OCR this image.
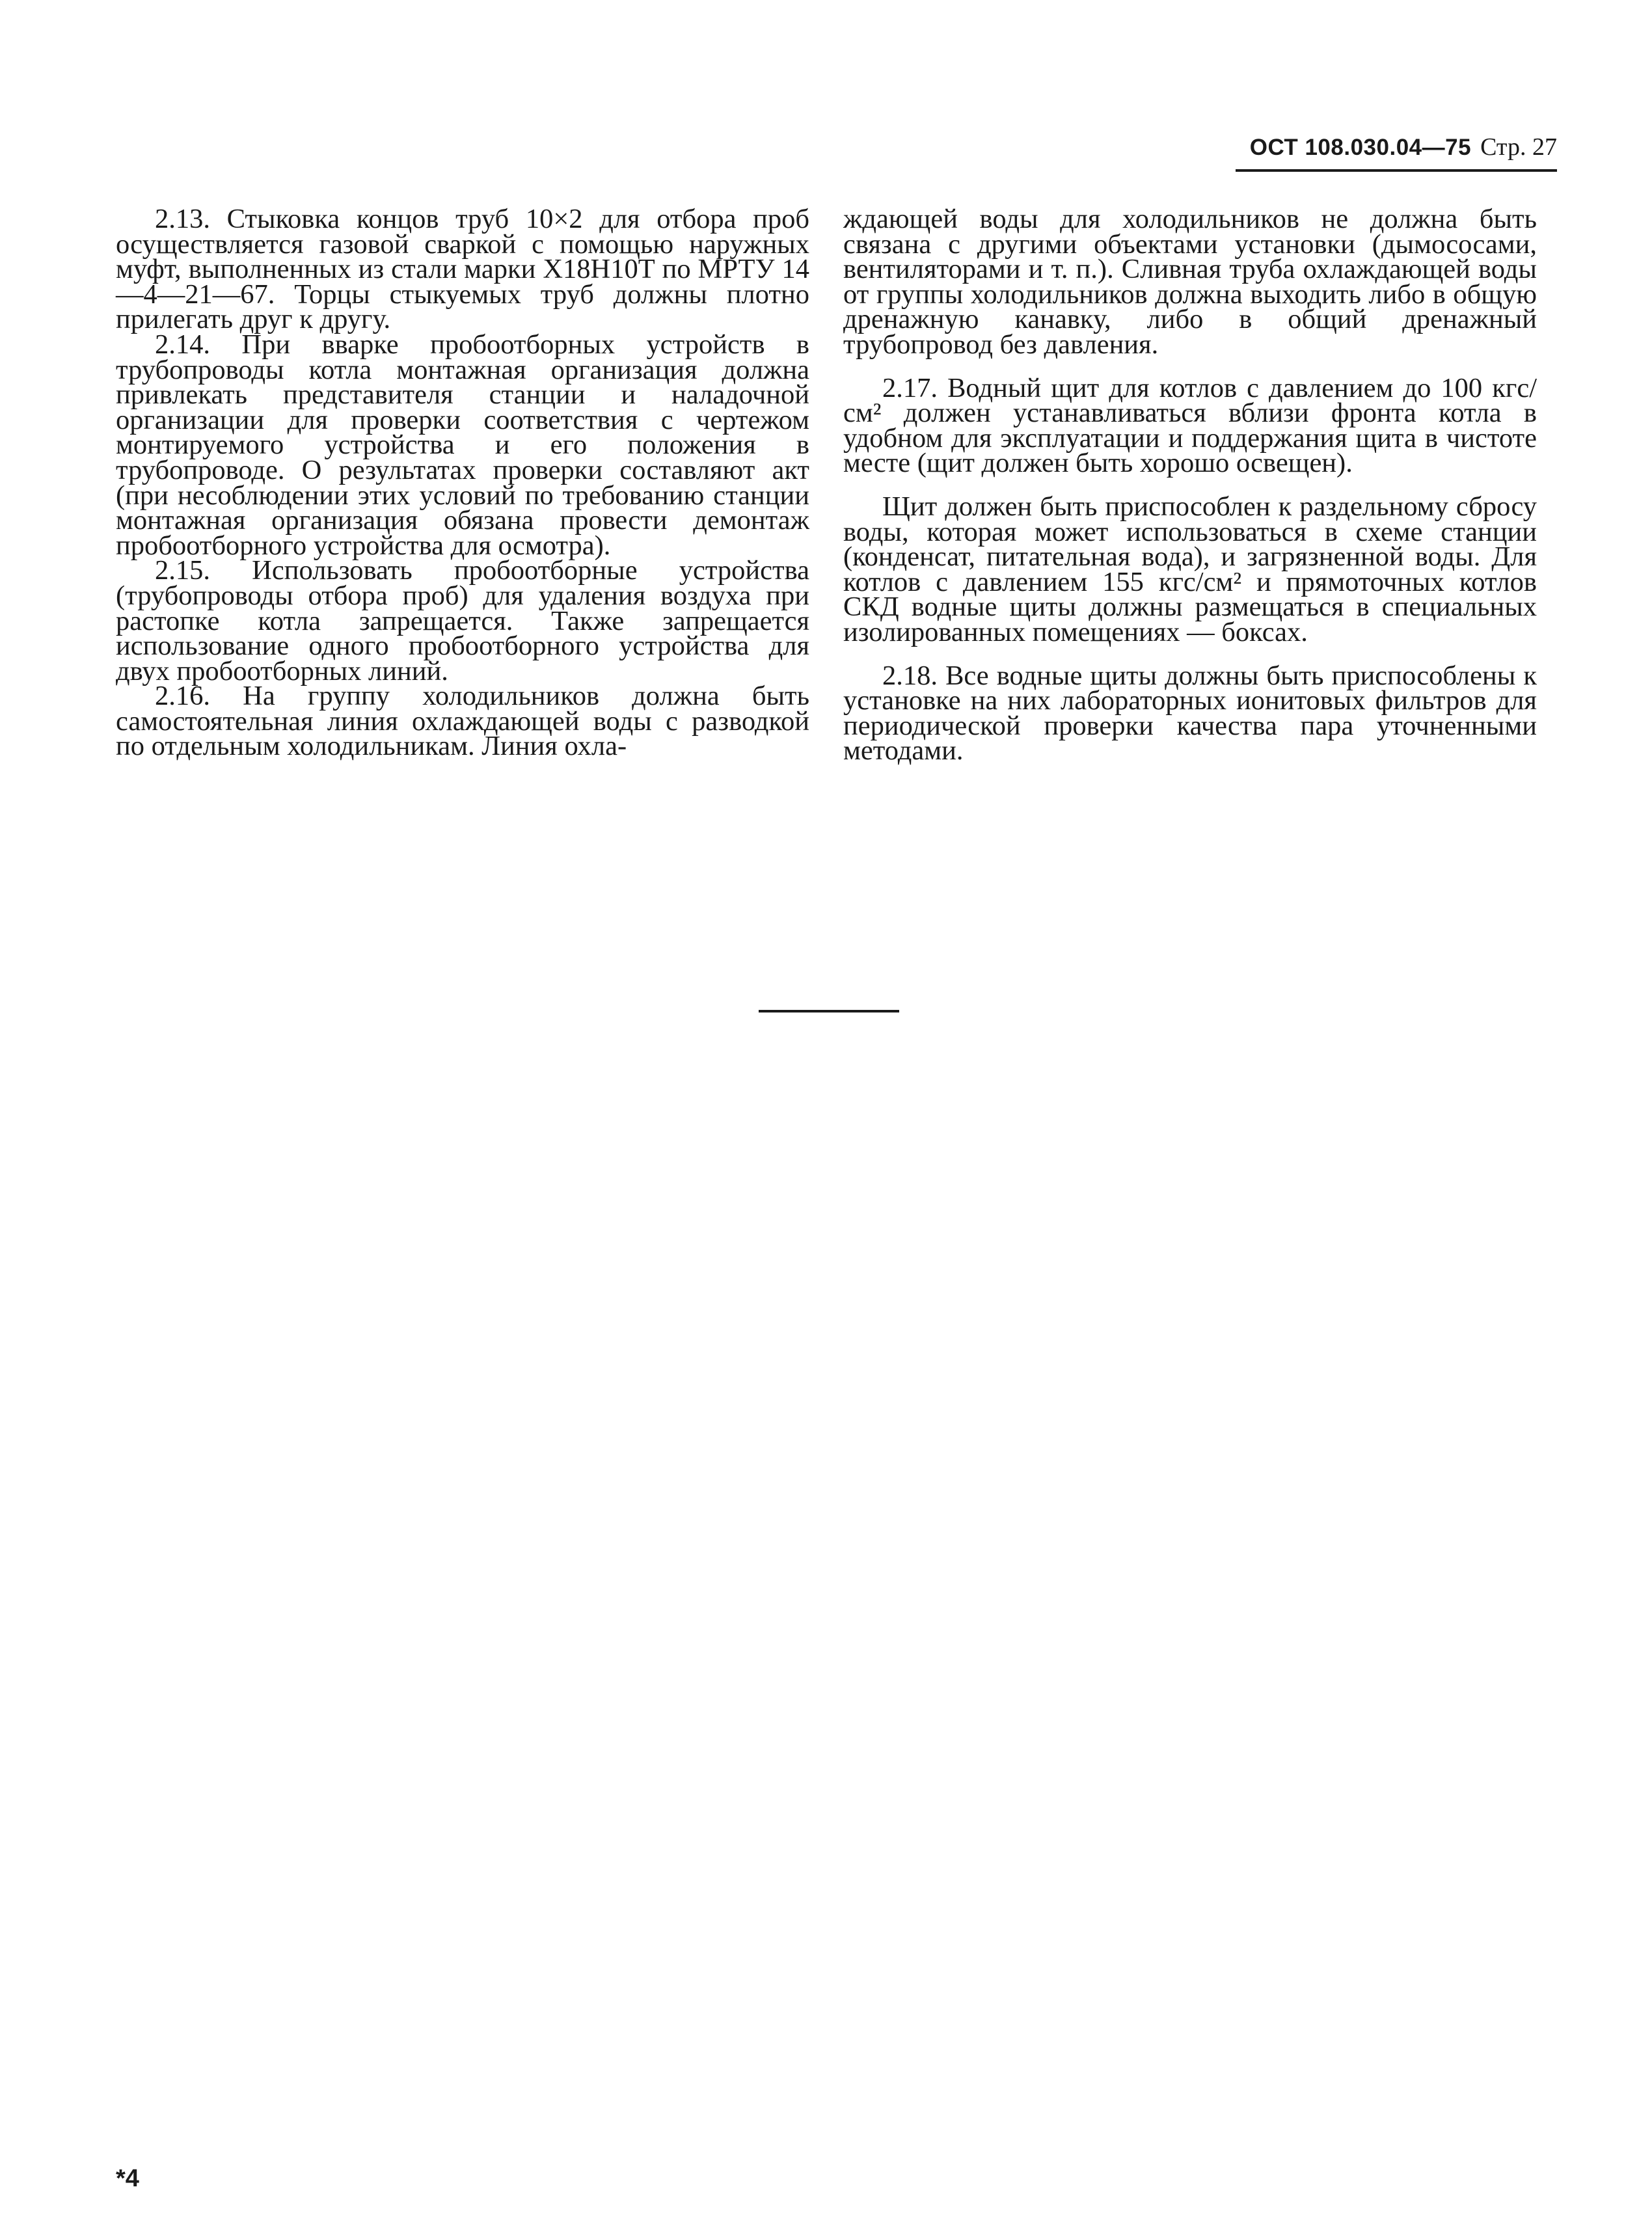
ОСТ 108.030.04—75 Стр. 27

2.13. Стыковка концов труб 10×2 для отбора проб осуществляется газовой сваркой с помощью наружных муфт, выполненных из стали марки Х18Н10Т по МРТУ 14—4—21—67. Торцы стыкуемых труб должны плотно прилегать друг к другу.

2.14. При вварке пробоотборных устройств в трубопроводы котла монтажная организация должна привлекать представителя станции и наладочной организации для проверки соответствия с чертежом монтируемого устройства и его положения в трубопроводе. О результатах проверки составляют акт (при несоблюдении этих условий по требованию станции монтажная организация обязана провести демонтаж пробоотборного устройства для осмотра).

2.15. Использовать пробоотборные устройства (трубопроводы отбора проб) для удаления воздуха при растопке котла запрещается. Также запрещается использование одного пробоотборного устройства для двух пробоотборных линий.

2.16. На группу холодильников должна быть самостоятельная линия охлаждающей воды с разводкой по отдельным холодильникам. Линия охла-

ждающей воды для холодильников не должна быть связана с другими объектами установки (дымососами, вентиляторами и т. п.). Сливная труба охлаждающей воды от группы холодильников должна выходить либо в общую дренажную канавку, либо в общий дренажный трубопровод без давления.

2.17. Водный щит для котлов с давлением до 100 кгс/см² должен устанавливаться вблизи фронта котла в удобном для эксплуатации и поддержания щита в чистоте месте (щит должен быть хорошо освещен).

Щит должен быть приспособлен к раздельному сбросу воды, которая может использоваться в схеме станции (конденсат, питательная вода), и загрязненной воды. Для котлов с давлением 155 кгс/см² и прямоточных котлов СКД водные щиты должны размещаться в специальных изолированных помещениях — боксах.

2.18. Все водные щиты должны быть приспособлены к установке на них лабораторных ионитовых фильтров для периодической проверки качества пара уточненными методами.

*4
